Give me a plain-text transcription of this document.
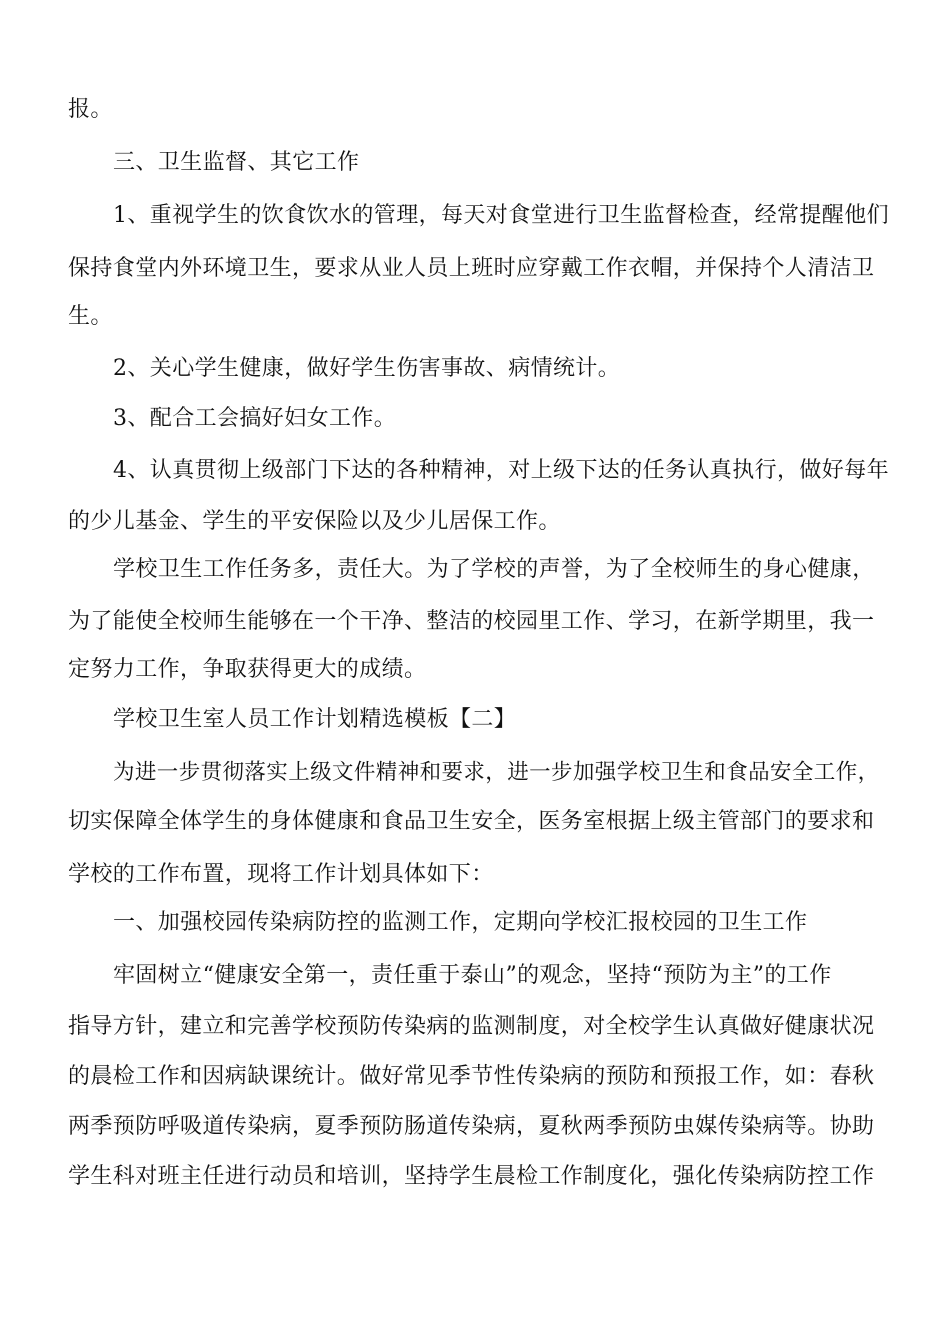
报。
三、卫生监督、其它工作
1、重视学生的饮食饮水的管理，每天对食堂进行卫生监督检查，经常提醒他们
保持食堂内外环境卫生，要求从业人员上班时应穿戴工作衣帽，并保持个人清洁卫
生。
2、关心学生健康，做好学生伤害事故、病情统计。
3、配合工会搞好妇女工作。
4、认真贯彻上级部门下达的各种精神，对上级下达的任务认真执行，做好每年
的少儿基金、学生的平安保险以及少儿居保工作。
学校卫生工作任务多，责任大。为了学校的声誉，为了全校师生的身心健康，
为了能使全校师生能够在一个干净、整洁的校园里工作、学习，在新学期里，我一
定努力工作，争取获得更大的成绩。
学校卫生室人员工作计划精选模板【二】
为进一步贯彻落实上级文件精神和要求，进一步加强学校卫生和食品安全工作，
切实保障全体学生的身体健康和食品卫生安全，医务室根据上级主管部门的要求和
学校的工作布置，现将工作计划具体如下：
一、加强校园传染病防控的监测工作，定期向学校汇报校园的卫生工作
牢固树立“健康安全第一，责任重于泰山”的观念，坚持“预防为主”的工作
指导方针，建立和完善学校预防传染病的监测制度，对全校学生认真做好健康状况
的晨检工作和因病缺课统计。做好常见季节性传染病的预防和预报工作，如：春秋
两季预防呼吸道传染病，夏季预防肠道传染病，夏秋两季预防虫媒传染病等。协助
学生科对班主任进行动员和培训，坚持学生晨检工作制度化，强化传染病防控工作
